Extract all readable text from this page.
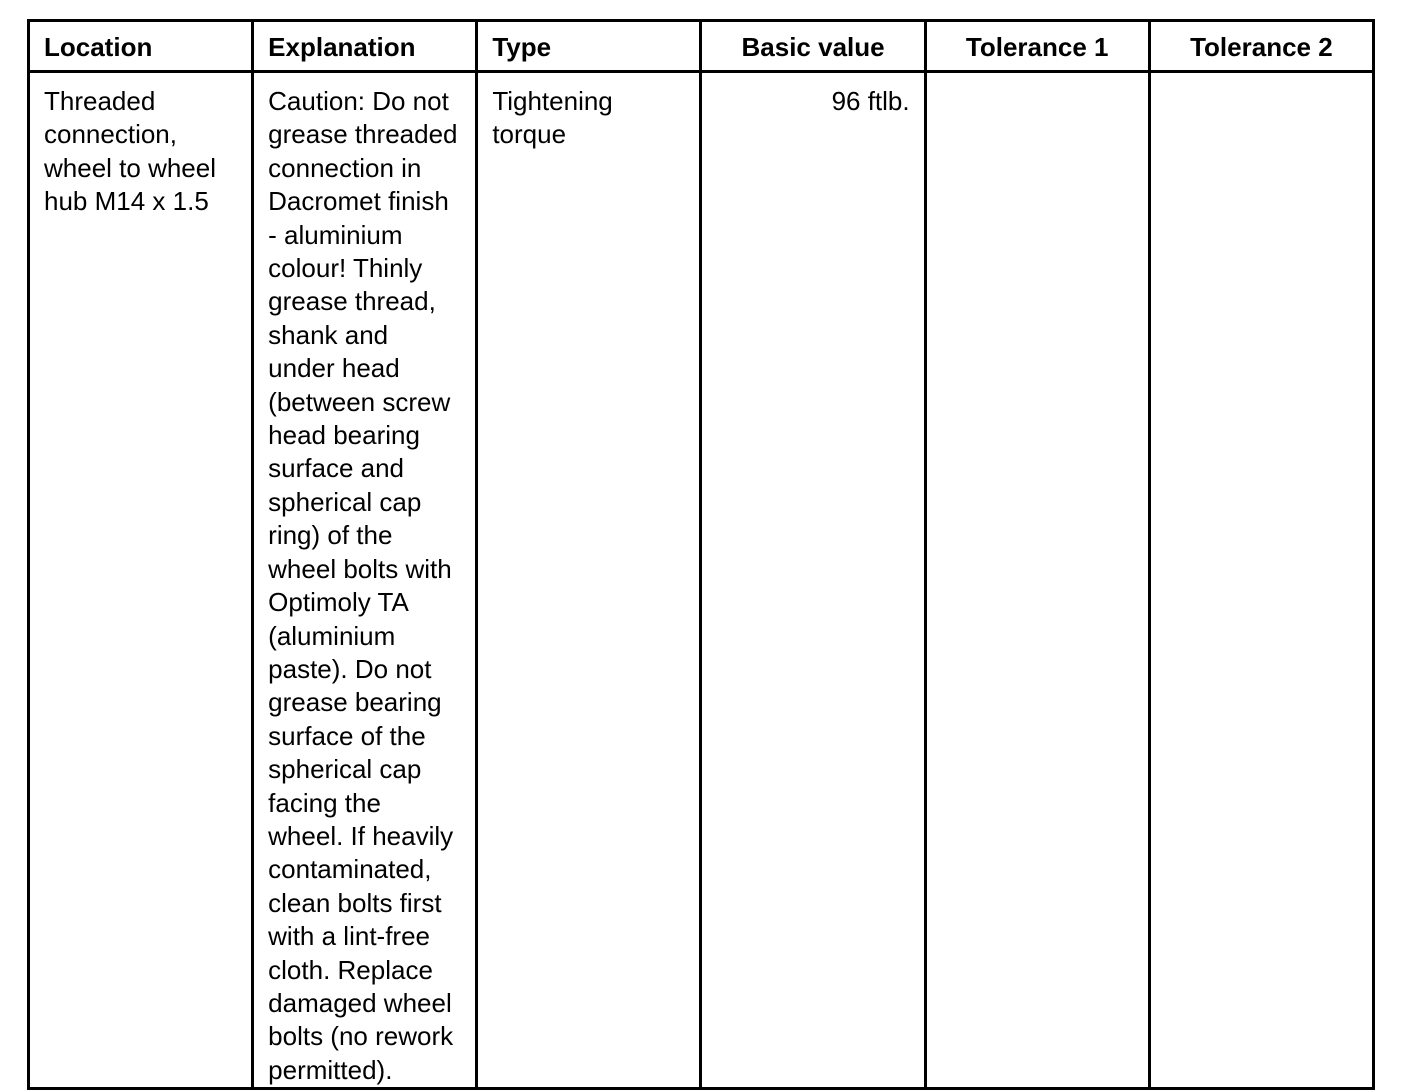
Location	Explanation	Type	Basic value	Tolerance 1	Tolerance 2

Threaded connection, wheel to wheel hub M14 x 1.5	Caution: Do not grease threaded connection in Dacromet finish - aluminium colour! Thinly grease thread, shank and under head (between screw head bearing surface and spherical cap ring) of the wheel bolts with Optimoly TA (aluminium paste). Do not grease bearing surface of the spherical cap facing the wheel. If heavily contaminated, clean bolts first with a lint-free cloth. Replace damaged wheel bolts (no rework permitted).	Tightening torque	96 ftlb.		
